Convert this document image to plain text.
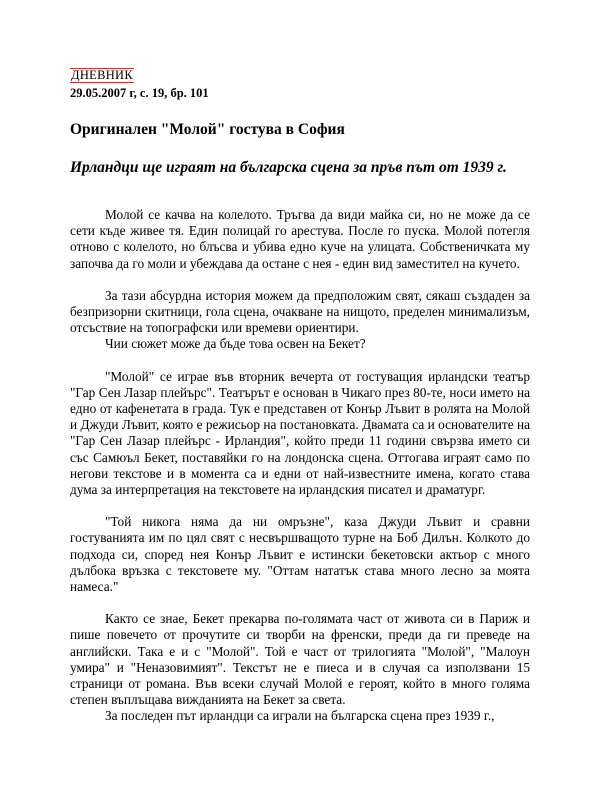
ДНЕВНИК
29.05.2007 г, с. 19, бр. 101
Оригинален "Молой" гостува в София
Ирландци ще играят на българска сцена за пръв път от 1939 г.

Молой се качва на колелото. Тръгва да види майка си, но не може да се сети къде живее тя. Един полицай го арестува. После го пуска. Молой потегля отново с колелото, но блъсва и убива едно куче на улицата. Собственичката му започва да го моли и убеждава да остане с нея - един вид заместител на кучето.

За тази абсурдна история можем да предположим свят, сякаш създаден за безпризорни скитници, гола сцена, очакване на нищото, пределен минимализъм, отсъствие на топографски или времеви ориентири.

Чии сюжет може да бъде това освен на Бекет?

"Молой" се играе във вторник вечерта от гостуващия ирландски театър "Гар Сен Лазар плейърс". Театърът е основан в Чикаго през 80-те, носи името на едно от кафенетата в града. Тук е представен от Конър Лъвит в ролята на Молой и Джуди Лъвит, която е режисьор на постановката. Двамата са и основателите на "Гар Сен Лазар плейърс - Ирландия", който преди 11 години свързва името си със Самюъл Бекет, поставяйки го на лондонска сцена. Оттогава играят само по негови текстове и в момента са и едни от най-известните имена, когато става дума за интерпретация на текстовете на ирландския писател и драматург.

"Той никога няма да ни омръзне", каза Джуди Лъвит и сравни гостуванията им по цял свят с несвършващото турне на Боб Дилън. Колкото до подхода си, според нея Конър Лъвит е истински бекетовски актьор с много дълбока връзка с текстовете му. "Оттам нататък става много лесно за моята намеса."

Както се знае, Бекет прекарва по-голямата част от живота си в Париж и пише повечето от прочутите си творби на френски, преди да ги преведе на английски. Така е и с "Молой". Той е част от трилогията "Молой", "Малоун умира" и "Неназовимият". Текстът не е пиеса и в случая са използвани 15 страници от романа. Във всеки случай Молой е героят, който в много голяма степен въплъщава вижданията на Бекет за света.

За последен път ирландци са играли на българска сцена през 1939 г.,
